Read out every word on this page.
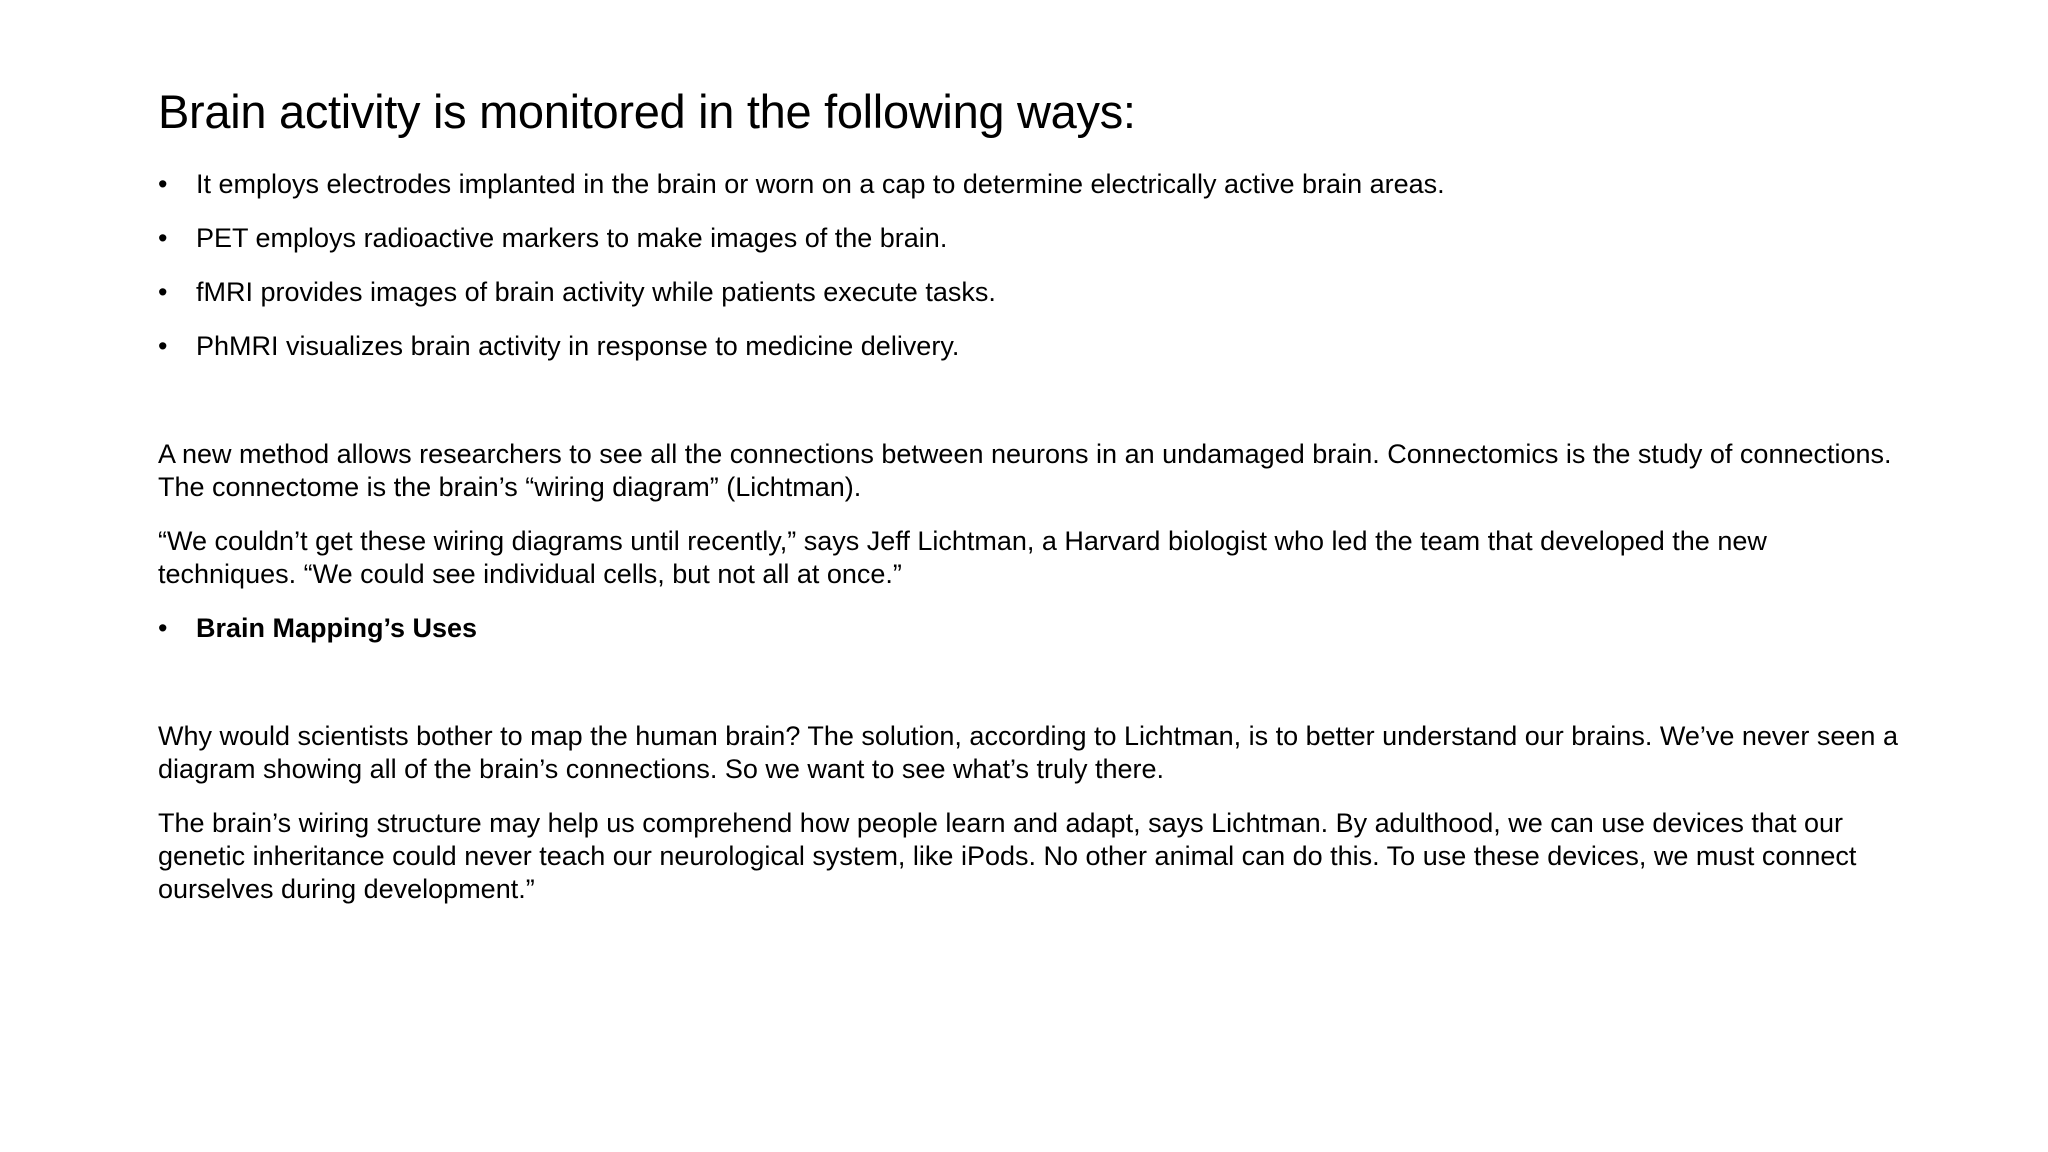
Brain activity is monitored in the following ways:
• It employs electrodes implanted in the brain or worn on a cap to determine electrically active brain areas.
• PET employs radioactive markers to make images of the brain.
• fMRI provides images of brain activity while patients execute tasks.
• PhMRI visualizes brain activity in response to medicine delivery.

A new method allows researchers to see all the connections between neurons in an undamaged brain. Connectomics is the study of connections. The connectome is the brain’s “wiring diagram” (Lichtman).

“We couldn’t get these wiring diagrams until recently,” says Jeff Lichtman, a Harvard biologist who led the team that developed the new techniques. “We could see individual cells, but not all at once.”

• Brain Mapping’s Uses

Why would scientists bother to map the human brain? The solution, according to Lichtman, is to better understand our brains. We’ve never seen a diagram showing all of the brain’s connections. So we want to see what’s truly there.

The brain’s wiring structure may help us comprehend how people learn and adapt, says Lichtman. By adulthood, we can use devices that our genetic inheritance could never teach our neurological system, like iPods. No other animal can do this. To use these devices, we must connect ourselves during development.”
